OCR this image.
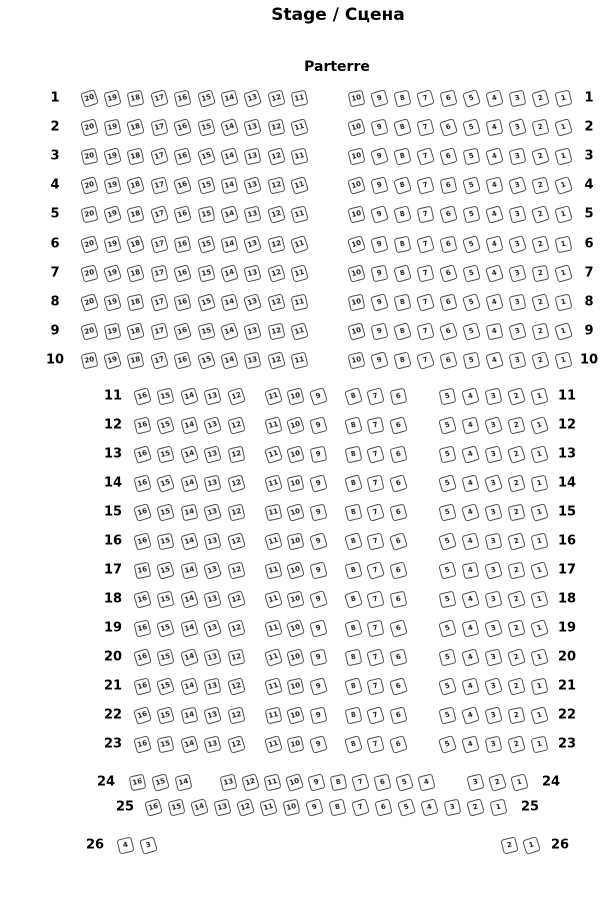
Stage / Сцена
Parterre
1	1
20	19	18	17	16	15	14	13	12	11	10	9	8	7	6	5	4	3	2	1
2	2
20	19	18	17	16	15	14	13	12	11	10	9	8	7	6	5	4	3	2	1
3	3
20	19	18	17	16	15	14	13	12	11	10	9	8	7	6	5	4	3	2	1
4	4
20	19	18	17	16	15	14	13	12	11	10	9	8	7	6	5	4	3	2	1
5	5
20	19	18	17	16	15	14	13	12	11	10	9	8	7	6	5	4	3	2	1
6	6
20	19	18	17	16	15	14	13	12	11	10	9	8	7	6	5	4	3	2	1
7	7
20	19	18	17	16	15	14	13	12	11	10	9	8	7	6	5	4	3	2	1
8	8
20	19	18	17	16	15	14	13	12	11	10	9	8	7	6	5	4	3	2	1
9	9
20	19	18	17	16	15	14	13	12	11	10	9	8	7	6	5	4	3	2	1
10	10
20	19	18	17	16	15	14	13	12	11	10	9	8	7	6	5	4	3	2	1
11	11
16	15	14	13	12	11	10	9	8	7	6	5	4	3	2	1
12	12
16	15	14	13	12	11	10	9	8	7	6	5	4	3	2	1
13	13
16	15	14	13	12	11	10	9	8	7	6	5	4	3	2	1
14	14
16	15	14	13	12	11	10	9	8	7	6	5	4	3	2	1
15	15
16	15	14	13	12	11	10	9	8	7	6	5	4	3	2	1
16	16
16	15	14	13	12	11	10	9	8	7	6	5	4	3	2	1
17	17
16	15	14	13	12	11	10	9	8	7	6	5	4	3	2	1
18	18
16	15	14	13	12	11	10	9	8	7	6	5	4	3	2	1
19	19
16	15	14	13	12	11	10	9	8	7	6	5	4	3	2	1
20	20
16	15	14	13	12	11	10	9	8	7	6	5	4	3	2	1
21	21
16	15	14	13	12	11	10	9	8	7	6	5	4	3	2	1
22	22
16	15	14	13	12	11	10	9	8	7	6	5	4	3	2	1
23	23
16	15	14	13	12	11	10	9	8	7	6	5	4	3	2	1
24	24
16	15	14	13	12	11	10	9	8	7	6	5	4	3	2	1
25	25
16	15	14	13	12	11	10	9	8	7	6	5	4	3	2	1
26	26
4	3	2	1
